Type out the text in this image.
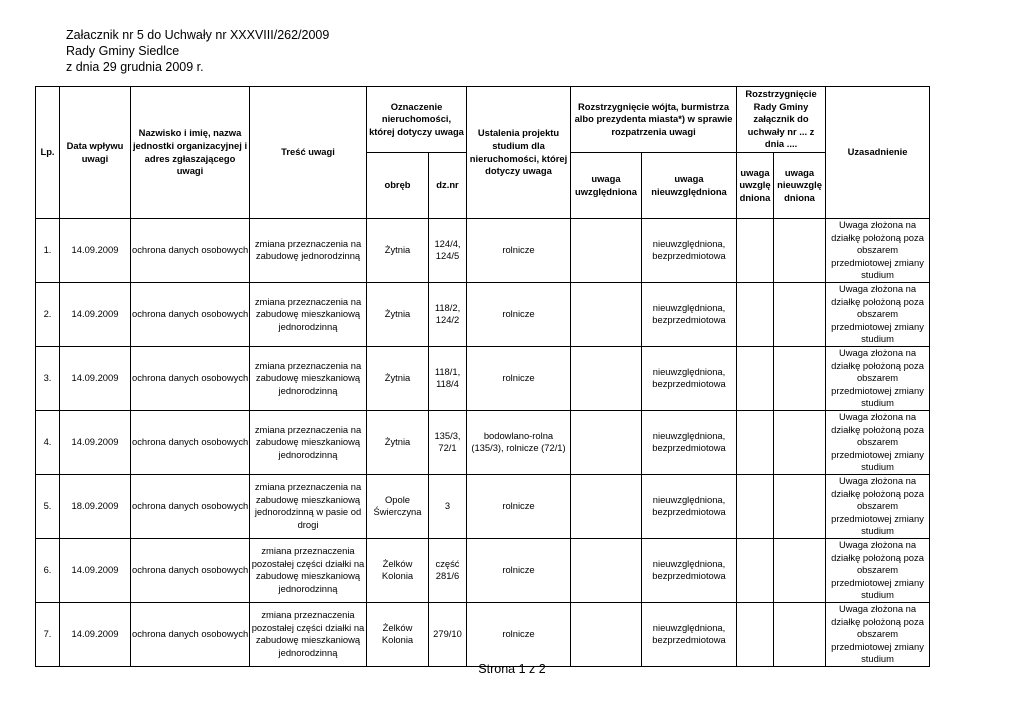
Załacznik nr 5 do Uchwały nr XXXVIII/262/2009
Rady Gminy Siedlce
z dnia 29 grudnia 2009 r.
Lp.	Data wpływu uwagi	Nazwisko i imię, nazwa jednostki organizacyjnej i adres zgłaszającego uwagi	Treść uwagi	Oznaczenie nieruchomości, której dotyczy uwaga		Ustalenia projektu studium dla nieruchomości, której dotyczy uwaga	Rozstrzygnięcie wójta, burmistrza albo prezydenta miasta*) w sprawie rozpatrzenia uwagi		Rozstrzygnięcie Rady Gminy załącznik do uchwały nr ... z dnia ....		Uzasadnienie
				obręb	dz.nr		uwaga uwzględniona	uwaga nieuwzględniona	uwaga uwzględniona	uwaga nieuwzględniona	
1.	14.09.2009	ochrona danych osobowych	zmiana przeznaczenia na zabudowę jednorodzinną	Żytnia	124/4, 124/5	rolnicze		nieuwzględniona, bezprzedmiotowa			Uwaga złożona na działkę położoną poza obszarem przedmiotowej zmiany studium
2.	14.09.2009	ochrona danych osobowych	zmiana przeznaczenia na zabudowę mieszkaniową jednorodzinną	Żytnia	118/2, 124/2	rolnicze		nieuwzględniona, bezprzedmiotowa			Uwaga złożona na działkę położoną poza obszarem przedmiotowej zmiany studium
3.	14.09.2009	ochrona danych osobowych	zmiana przeznaczenia na zabudowę mieszkaniową jednorodzinną	Żytnia	118/1, 118/4	rolnicze		nieuwzględniona, bezprzedmiotowa			Uwaga złożona na działkę położoną poza obszarem przedmiotowej zmiany studium
4.	14.09.2009	ochrona danych osobowych	zmiana przeznaczenia na zabudowę mieszkaniową jednorodzinną	Żytnia	135/3, 72/1	bodowlano-rolna (135/3), rolnicze (72/1)		nieuwzględniona, bezprzedmiotowa			Uwaga złożona na działkę położoną poza obszarem przedmiotowej zmiany studium
5.	18.09.2009	ochrona danych osobowych	zmiana przeznaczenia na zabudowę mieszkaniową jednorodzinną w pasie od drogi	Opole Świerczyna	3	rolnicze		nieuwzględniona, bezprzedmiotowa			Uwaga złożona na działkę położoną poza obszarem przedmiotowej zmiany studium
6.	14.09.2009	ochrona danych osobowych	zmiana przeznaczenia pozostałej części działki na zabudowę mieszkaniową jednorodzinną	Żelków Kolonia	część 281/6	rolnicze		nieuwzględniona, bezprzedmiotowa			Uwaga złożona na działkę położoną poza obszarem przedmiotowej zmiany studium
7.	14.09.2009	ochrona danych osobowych	zmiana przeznaczenia pozostałej części działki na zabudowę mieszkaniową jednorodzinną	Żelków Kolonia	279/10	rolnicze		nieuwzględniona, bezprzedmiotowa			Uwaga złożona na działkę położoną poza obszarem przedmiotowej zmiany studium
Strona 1 z 2
